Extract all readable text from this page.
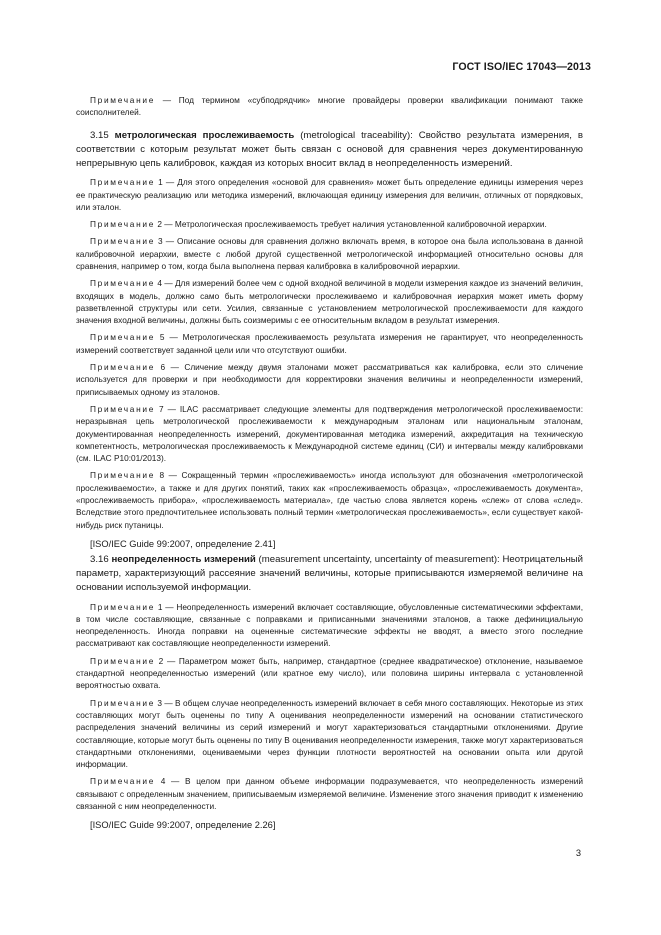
ГОСТ ISO/IEC 17043—2013

Примечание — Под термином «субподрядчик» многие провайдеры проверки квалификации понимают также соисполнителей.

3.15 метрологическая прослеживаемость (metrological traceability): Свойство результата измерения, в соответствии с которым результат может быть связан с основой для сравнения через документированную непрерывную цепь калибровок, каждая из которых вносит вклад в неопределенность измерений.

Примечание 1 — Для этого определения «основой для сравнения» может быть определение единицы измерения через ее практическую реализацию или методика измерений, включающая единицу измерения для величин, отличных от порядковых, или эталон.

Примечание 2 — Метрологическая прослеживаемость требует наличия установленной калибровочной иерархии.

Примечание 3 — Описание основы для сравнения должно включать время, в которое она была использована в данной калибровочной иерархии, вместе с любой другой существенной метрологической информацией относительно основы для сравнения, например о том, когда была выполнена первая калибровка в калибровочной иерархии.

Примечание 4 — Для измерений более чем с одной входной величиной в модели измерения каждое из значений величин, входящих в модель, должно само быть метрологически прослеживаемо и калибровочная иерархия может иметь форму разветвленной структуры или сети. Усилия, связанные с установлением метрологической прослеживаемости для каждого значения входной величины, должны быть соизмеримы с ее относительным вкладом в результат измерения.

Примечание 5 — Метрологическая прослеживаемость результата измерения не гарантирует, что неопределенность измерений соответствует заданной цели или что отсутствуют ошибки.

Примечание 6 — Сличение между двумя эталонами может рассматриваться как калибровка, если это сличение используется для проверки и при необходимости для корректировки значения величины и неопределенности измерений, приписываемых одному из эталонов.

Примечание 7 — ILAC рассматривает следующие элементы для подтверждения метрологической прослеживаемости: неразрывная цепь метрологической прослеживаемости к международным эталонам или национальным эталонам, документированная неопределенность измерений, документированная методика измерений, аккредитация на техническую компетентность, метрологическая прослеживаемость к Международной системе единиц (СИ) и интервалы между калибровками (см. ILAC P10:01/2013).

Примечание 8 — Сокращенный термин «прослеживаемость» иногда используют для обозначения «метрологической прослеживаемости», а также и для других понятий, таких как «прослеживаемость образца», «прослеживаемость документа», «прослеживаемость прибора», «прослеживаемость материала», где частью слова является корень «слеж» от слова «след». Вследствие этого предпочтительнее использовать полный термин «метрологическая прослеживаемость», если существует какой-нибудь риск путаницы.

[ISO/IEC Guide 99:2007, определение 2.41]

3.16 неопределенность измерений (measurement uncertainty, uncertainty of measurement): Неотрицательный параметр, характеризующий рассеяние значений величины, которые приписываются измеряемой величине на основании используемой информации.

Примечание 1 — Неопределенность измерений включает составляющие, обусловленные систематическими эффектами, в том числе составляющие, связанные с поправками и приписанными значениями эталонов, а также дефинициальную неопределенность. Иногда поправки на оцененные систематические эффекты не вводят, а вместо этого последние рассматривают как составляющие неопределенности измерений.

Примечание 2 — Параметром может быть, например, стандартное (среднее квадратическое) отклонение, называемое стандартной неопределенностью измерений (или кратное ему число), или половина ширины интервала с установленной вероятностью охвата.

Примечание 3 — В общем случае неопределенность измерений включает в себя много составляющих. Некоторые из этих составляющих могут быть оценены по типу А оценивания неопределенности измерений на основании статистического распределения значений величины из серий измерений и могут характеризоваться стандартными отклонениями. Другие составляющие, которые могут быть оценены по типу В оценивания неопределенности измерения, также могут характеризоваться стандартными отклонениями, оцениваемыми через функции плотности вероятностей на основании опыта или другой информации.

Примечание 4 — В целом при данном объеме информации подразумевается, что неопределенность измерений связывают с определенным значением, приписываемым измеряемой величине. Изменение этого значения приводит к изменению связанной с ним неопределенности.

[ISO/IEC Guide 99:2007, определение 2.26]

3
